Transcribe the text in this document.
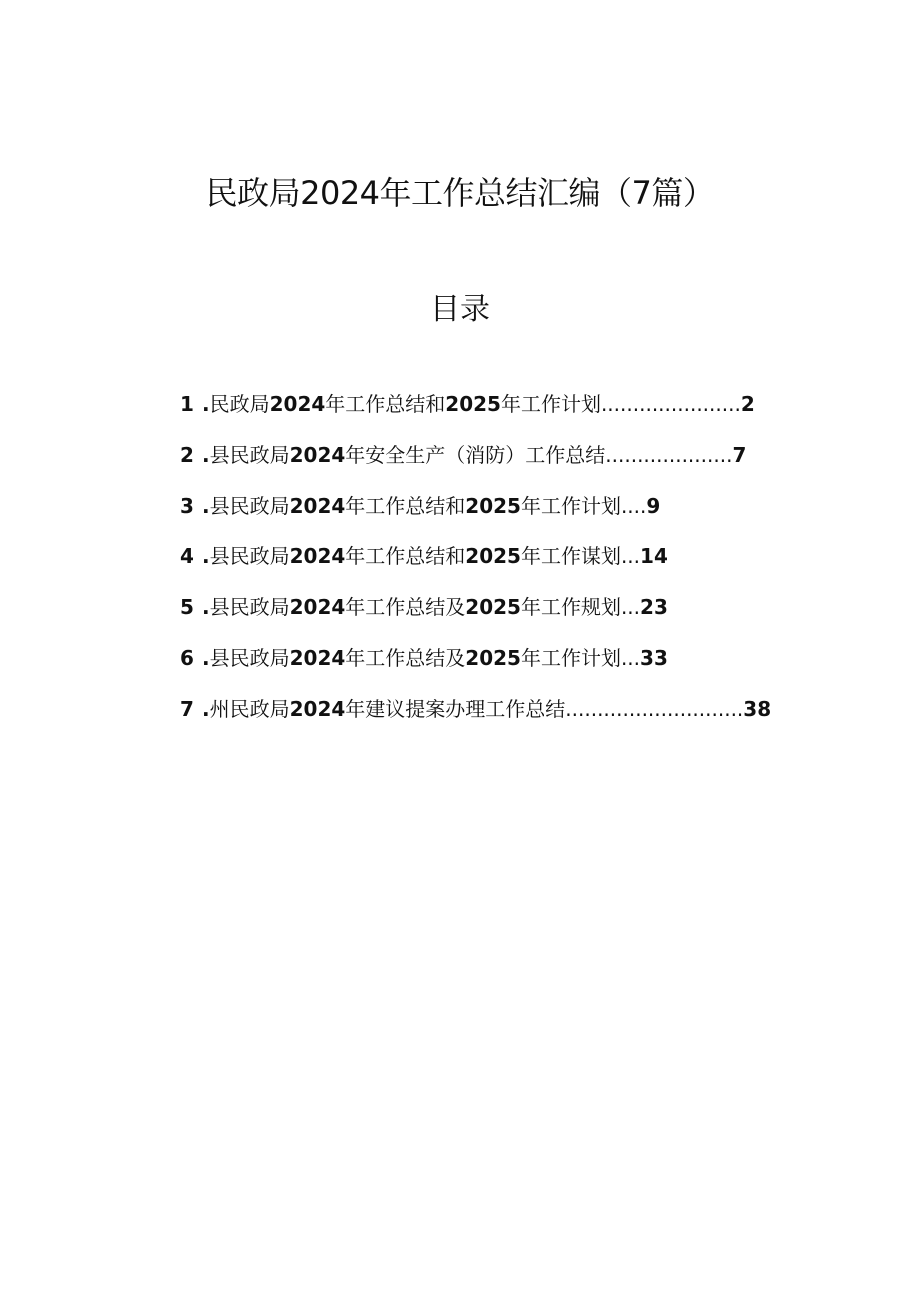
民政局2024年工作总结汇编（7篇）
目录
1.民政局2024年工作总结和2025年工作计划......................2
2.县民政局2024年安全生产（消防）工作总结....................7
3.县民政局2024年工作总结和2025年工作计划....9
4.县民政局2024年工作总结和2025年工作谋划...14
5.县民政局2024年工作总结及2025年工作规划...23
6.县民政局2024年工作总结及2025年工作计划...33
7.州民政局2024年建议提案办理工作总结............................38
